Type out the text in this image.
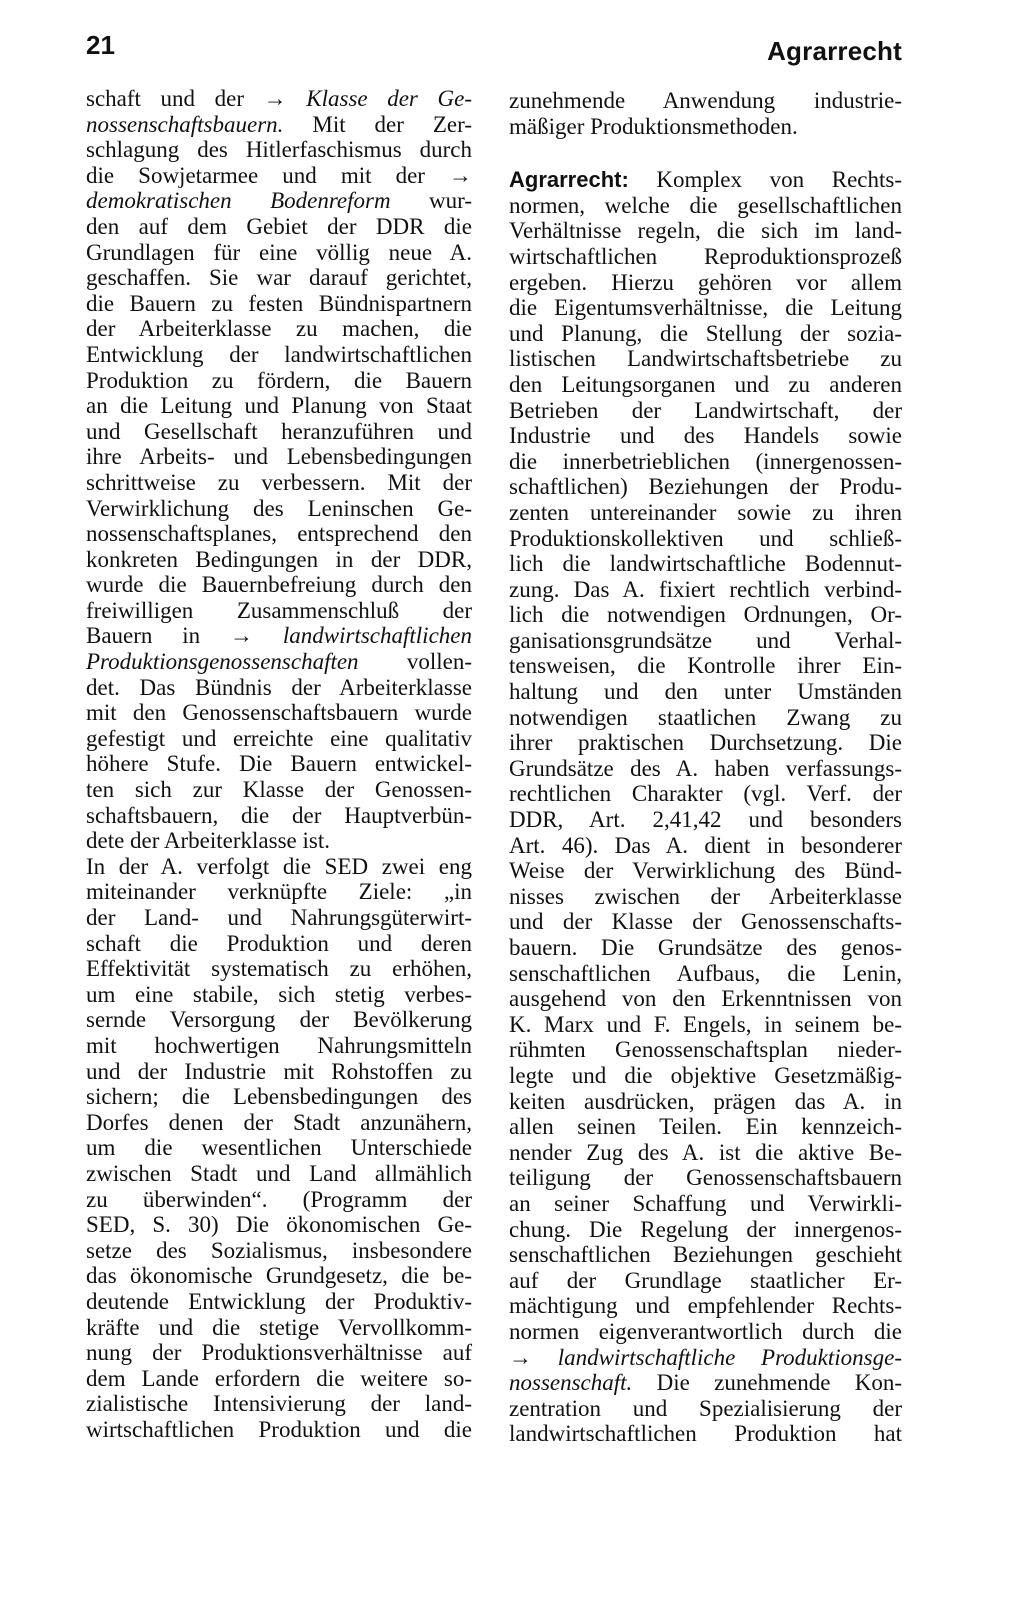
21	Agrarrecht
schaft und der → Klasse der Ge-
nossenschaftsbauern. Mit der Zer-
schlagung des Hitlerfaschismus durch
die Sowjetarmee und mit der →
demokratischen Bodenreform wur-
den auf dem Gebiet der DDR die
Grundlagen für eine völlig neue A.
geschaffen. Sie war darauf gerichtet,
die Bauern zu festen Bündnispartnern
der Arbeiterklasse zu machen, die
Entwicklung der landwirtschaftlichen
Produktion zu fördern, die Bauern
an die Leitung und Planung von Staat
und Gesellschaft heranzuführen und
ihre Arbeits- und Lebensbedingungen
schrittweise zu verbessern. Mit der
Verwirklichung des Leninschen Ge-
nossenschaftsplanes, entsprechend den
konkreten Bedingungen in der DDR,
wurde die Bauernbefreiung durch den
freiwilligen Zusammenschluß der
Bauern in → landwirtschaftlichen
Produktionsgenossenschaften vollen-
det. Das Bündnis der Arbeiterklasse
mit den Genossenschaftsbauern wurde
gefestigt und erreichte eine qualitativ
höhere Stufe. Die Bauern entwickel-
ten sich zur Klasse der Genossen-
schaftsbauern, die der Hauptverbün-
dete der Arbeiterklasse ist.
In der A. verfolgt die SED zwei eng
miteinander verknüpfte Ziele: „in
der Land- und Nahrungsgüterwirt-
schaft die Produktion und deren
Effektivität systematisch zu erhöhen,
um eine stabile, sich stetig verbes-
sernde Versorgung der Bevölkerung
mit hochwertigen Nahrungsmitteln
und der Industrie mit Rohstoffen zu
sichern; die Lebensbedingungen des
Dorfes denen der Stadt anzunähern,
um die wesentlichen Unterschiede
zwischen Stadt und Land allmählich
zu überwinden“. (Programm der
SED, S. 30) Die ökonomischen Ge-
setze des Sozialismus, insbesondere
das ökonomische Grundgesetz, die be-
deutende Entwicklung der Produktiv-
kräfte und die stetige Vervollkomm-
nung der Produktionsverhältnisse auf
dem Lande erfordern die weitere so-
zialistische Intensivierung der land-
wirtschaftlichen Produktion und die
zunehmende Anwendung industrie-
mäßiger Produktionsmethoden.
Agrarrecht: Komplex von Rechts-
normen, welche die gesellschaftlichen
Verhältnisse regeln, die sich im land-
wirtschaftlichen Reproduktionsprozeß
ergeben. Hierzu gehören vor allem
die Eigentumsverhältnisse, die Leitung
und Planung, die Stellung der sozia-
listischen Landwirtschaftsbetriebe zu
den Leitungsorganen und zu anderen
Betrieben der Landwirtschaft, der
Industrie und des Handels sowie
die innerbetrieblichen (innergenossen-
schaftlichen) Beziehungen der Produ-
zenten untereinander sowie zu ihren
Produktionskollektiven und schließ-
lich die landwirtschaftliche Bodennut-
zung. Das A. fixiert rechtlich verbind-
lich die notwendigen Ordnungen, Or-
ganisationsgrundsätze und Verhal-
tensweisen, die Kontrolle ihrer Ein-
haltung und den unter Umständen
notwendigen staatlichen Zwang zu
ihrer praktischen Durchsetzung. Die
Grundsätze des A. haben verfassungs-
rechtlichen Charakter (vgl. Verf. der
DDR, Art. 2,41,42 und besonders
Art. 46). Das A. dient in besonderer
Weise der Verwirklichung des Bünd-
nisses zwischen der Arbeiterklasse
und der Klasse der Genossenschafts-
bauern. Die Grundsätze des genos-
senschaftlichen Aufbaus, die Lenin,
ausgehend von den Erkenntnissen von
K. Marx und F. Engels, in seinem be-
rühmten Genossenschaftsplan nieder-
legte und die objektive Gesetzmäßig-
keiten ausdrücken, prägen das A. in
allen seinen Teilen. Ein kennzeich-
nender Zug des A. ist die aktive Be-
teiligung der Genossenschaftsbauern
an seiner Schaffung und Verwirkli-
chung. Die Regelung der innergenos-
senschaftlichen Beziehungen geschieht
auf der Grundlage staatlicher Er-
mächtigung und empfehlender Rechts-
normen eigenverantwortlich durch die
→ landwirtschaftliche Produktionsge-
nossenschaft. Die zunehmende Kon-
zentration und Spezialisierung der
landwirtschaftlichen Produktion hat
